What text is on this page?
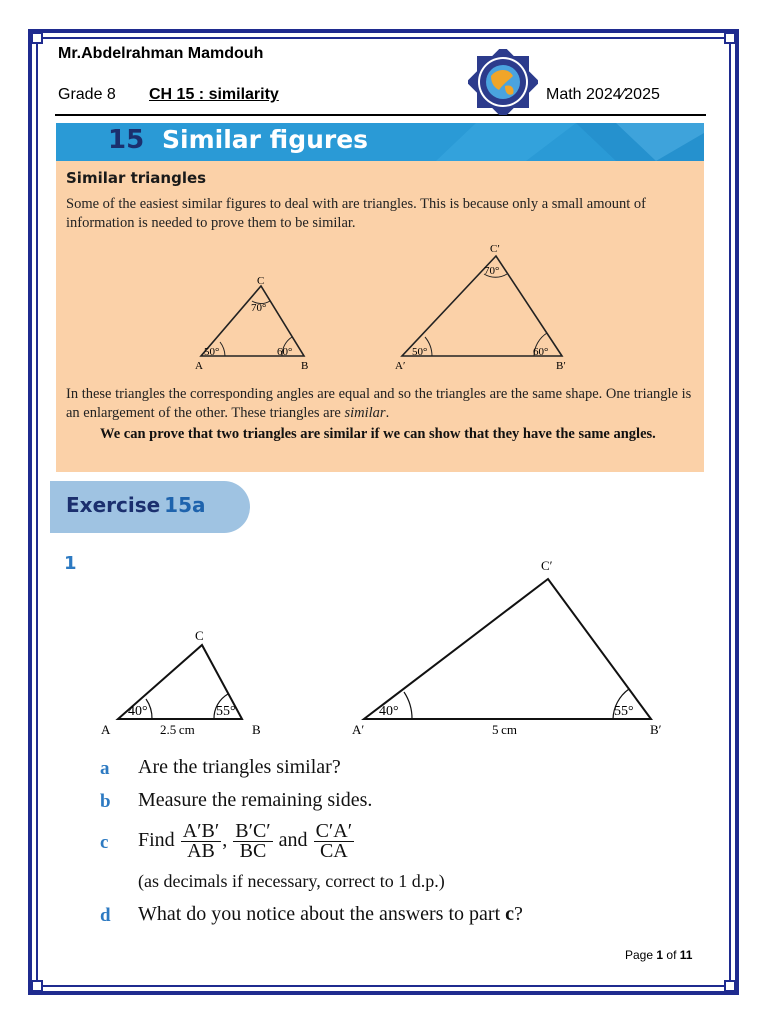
Mr.Abdelrahman Mamdouh
Grade 8 CH 15 : similarity	Math 2024⁄2025
15 Similar figures
Similar triangles
Some of the easiest similar figures to deal with are triangles. This is because only a small amount of information is needed to prove them to be similar.
50°	60°
70°
A	B
C
50°	60°
70°
A′	B′
C′
In these triangles the corresponding angles are equal and so the triangles are the same shape. One triangle is an enlargement of the other. These triangles are similar.
We can prove that two triangles are similar if we can show that they have the same angles.
Exercise 15a
1
40°	55°
A	B
C
2.5 cm
40°	55°
A′	B′
C′
5 cm
a Are the triangles similar?
b Measure the remaining sides.
c Find $\frac{A'B'}{AB}$ , $\frac{B'C'}{BC}$ and $\frac{C'A'}{CA}$
(as decimals if necessary, correct to 1 d.p.)
d What do you notice about the answers to part c?
Page 1 of 11
